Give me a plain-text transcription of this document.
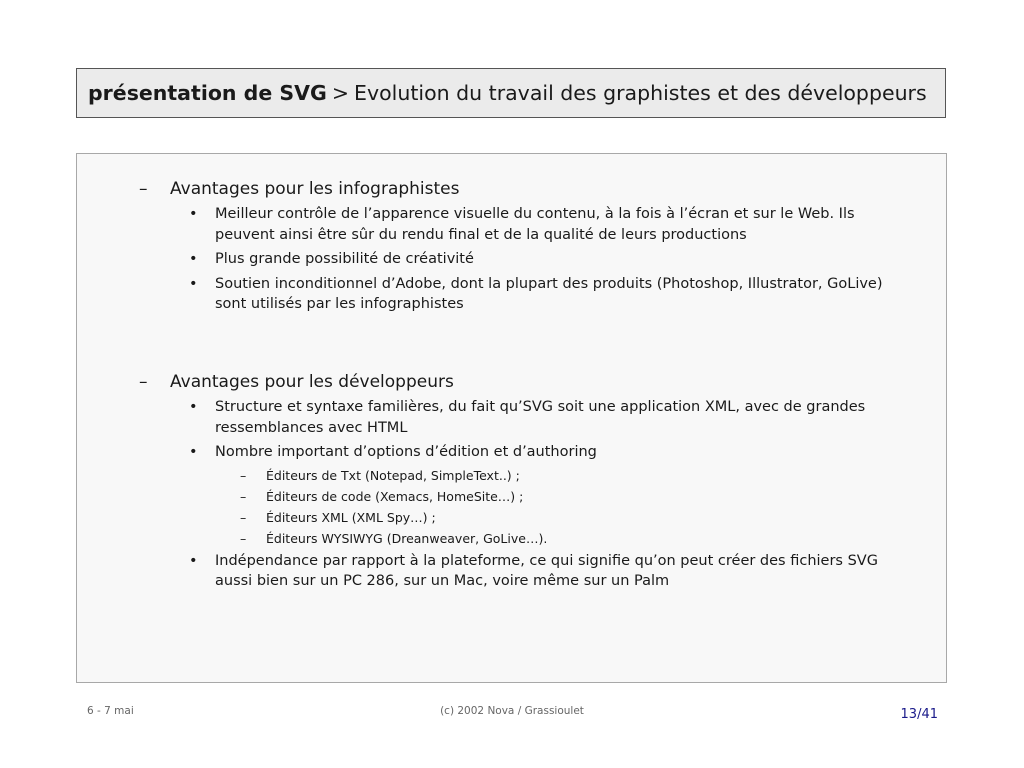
présentation de SVG > Evolution du travail des graphistes et des développeurs
– Avantages pour les infographistes
• Meilleur contrôle de l’apparence visuelle du contenu, à la fois à l’écran et sur le Web. Ils peuvent ainsi être sûr du rendu final et de la qualité de leurs productions
• Plus grande possibilité de créativité
• Soutien inconditionnel d’Adobe, dont la plupart des produits (Photoshop, Illustrator, GoLive) sont utilisés par les infographistes
– Avantages pour les développeurs
• Structure et syntaxe familières, du fait qu’SVG soit une application XML, avec de grandes ressemblances avec HTML
• Nombre important d’options d’édition et d’authoring
– Éditeurs de Txt (Notepad, SimpleText..) ;
– Éditeurs de code (Xemacs, HomeSite…) ;
– Éditeurs XML (XML Spy…) ;
– Éditeurs WYSIWYG (Dreanweaver, GoLive…).
• Indépendance par rapport à la plateforme, ce qui signifie qu’on peut créer des fichiers SVG aussi bien sur un PC 286, sur un Mac, voire même sur un Palm
6 - 7 mai	(c) 2002 Nova / Grassioulet	13/41
